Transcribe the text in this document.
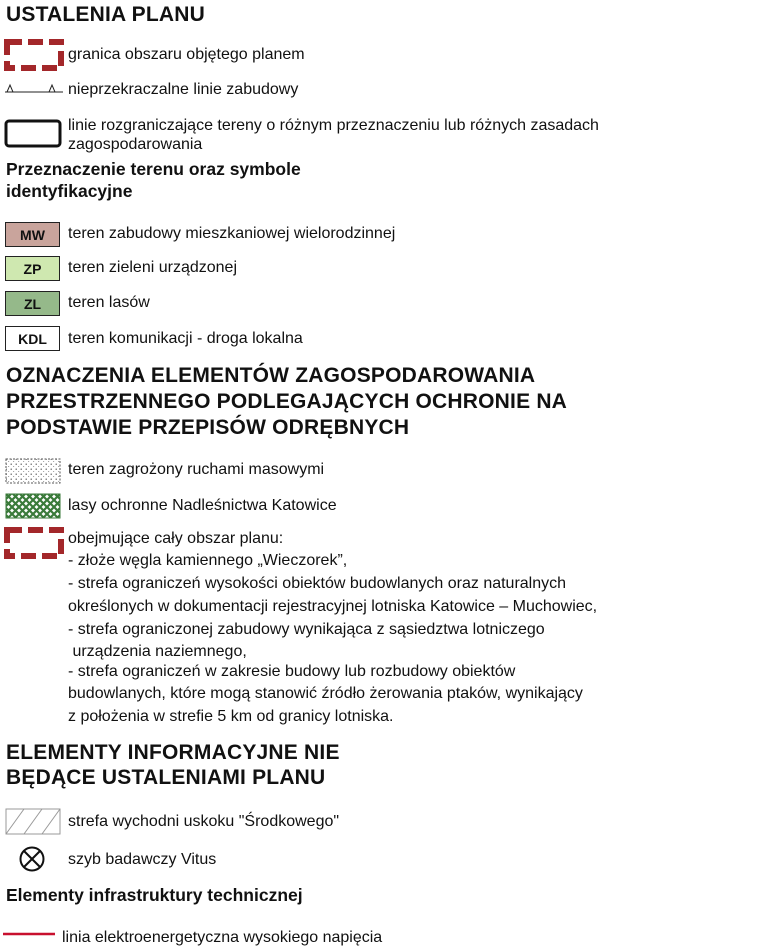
USTALENIA PLANU
granica obszaru objętego planem
nieprzekraczalne linie zabudowy
linie rozgraniczające tereny o różnym przeznaczeniu lub różnych zasadach
zagospodarowania
Przeznaczenie terenu oraz symbole
identyfikacyjne
MW	teren zabudowy mieszkaniowej wielorodzinnej
ZP	teren zieleni urządzonej
ZL	teren lasów
KDL	teren komunikacji - droga lokalna
OZNACZENIA ELEMENTÓW ZAGOSPODAROWANIA
PRZESTRZENNEGO PODLEGAJĄCYCH OCHRONIE NA
PODSTAWIE PRZEPISÓW ODRĘBNYCH
teren zagrożony ruchami masowymi
lasy ochronne Nadleśnictwa Katowice
obejmujące cały obszar planu:
- złoże węgla kamiennego „Wieczorek”,
- strefa ograniczeń wysokości obiektów budowlanych oraz naturalnych
określonych w dokumentacji rejestracyjnej lotniska Katowice – Muchowiec,
- strefa ograniczonej zabudowy wynikająca z sąsiedztwa lotniczego
urządzenia naziemnego,
- strefa ograniczeń w zakresie budowy lub rozbudowy obiektów
budowlanych, które mogą stanowić źródło żerowania ptaków, wynikający
z położenia w strefie 5 km od granicy lotniska.
ELEMENTY INFORMACYJNE NIE
BĘDĄCE USTALENIAMI PLANU
strefa wychodni uskoku "Środkowego"
szyb badawczy Vitus
Elementy infrastruktury technicznej
linia elektroenergetyczna wysokiego napięcia
